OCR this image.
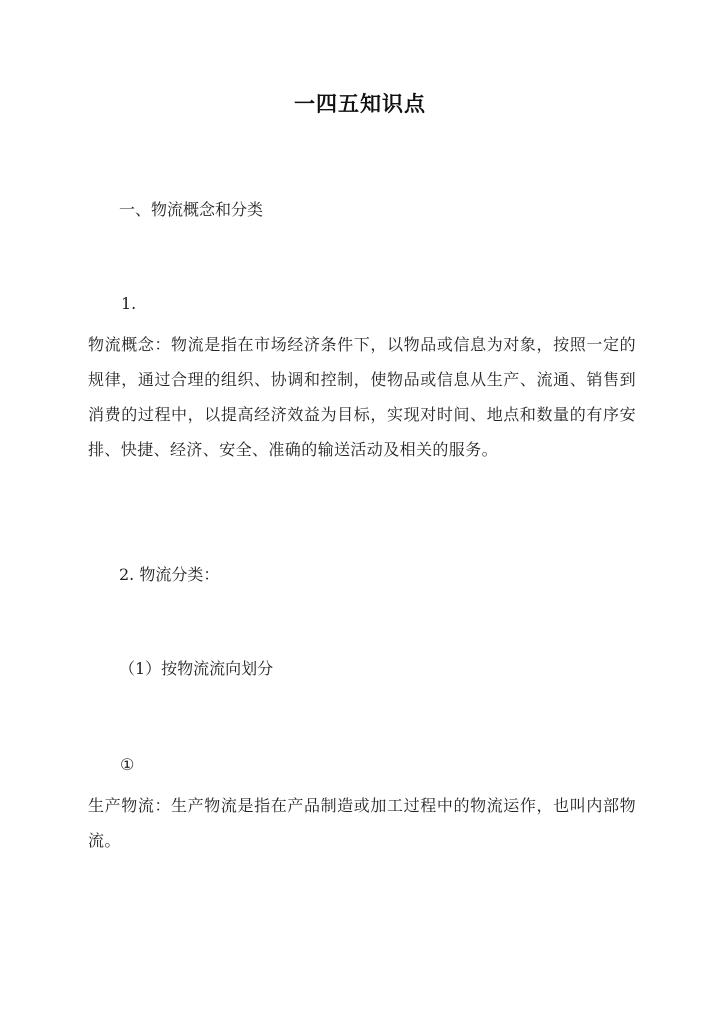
一四五知识点
一、物流概念和分类
1.
物流概念：物流是指在市场经济条件下，以物品或信息为对象，按照一定的规律，通过合理的组织、协调和控制，使物品或信息从生产、流通、销售到消费的过程中，以提高经济效益为目标，实现对时间、地点和数量的有序安排、快捷、经济、安全、准确的输送活动及相关的服务。
2. 物流分类：
（1）按物流流向划分
①
生产物流：生产物流是指在产品制造或加工过程中的物流运作，也叫内部物流。
